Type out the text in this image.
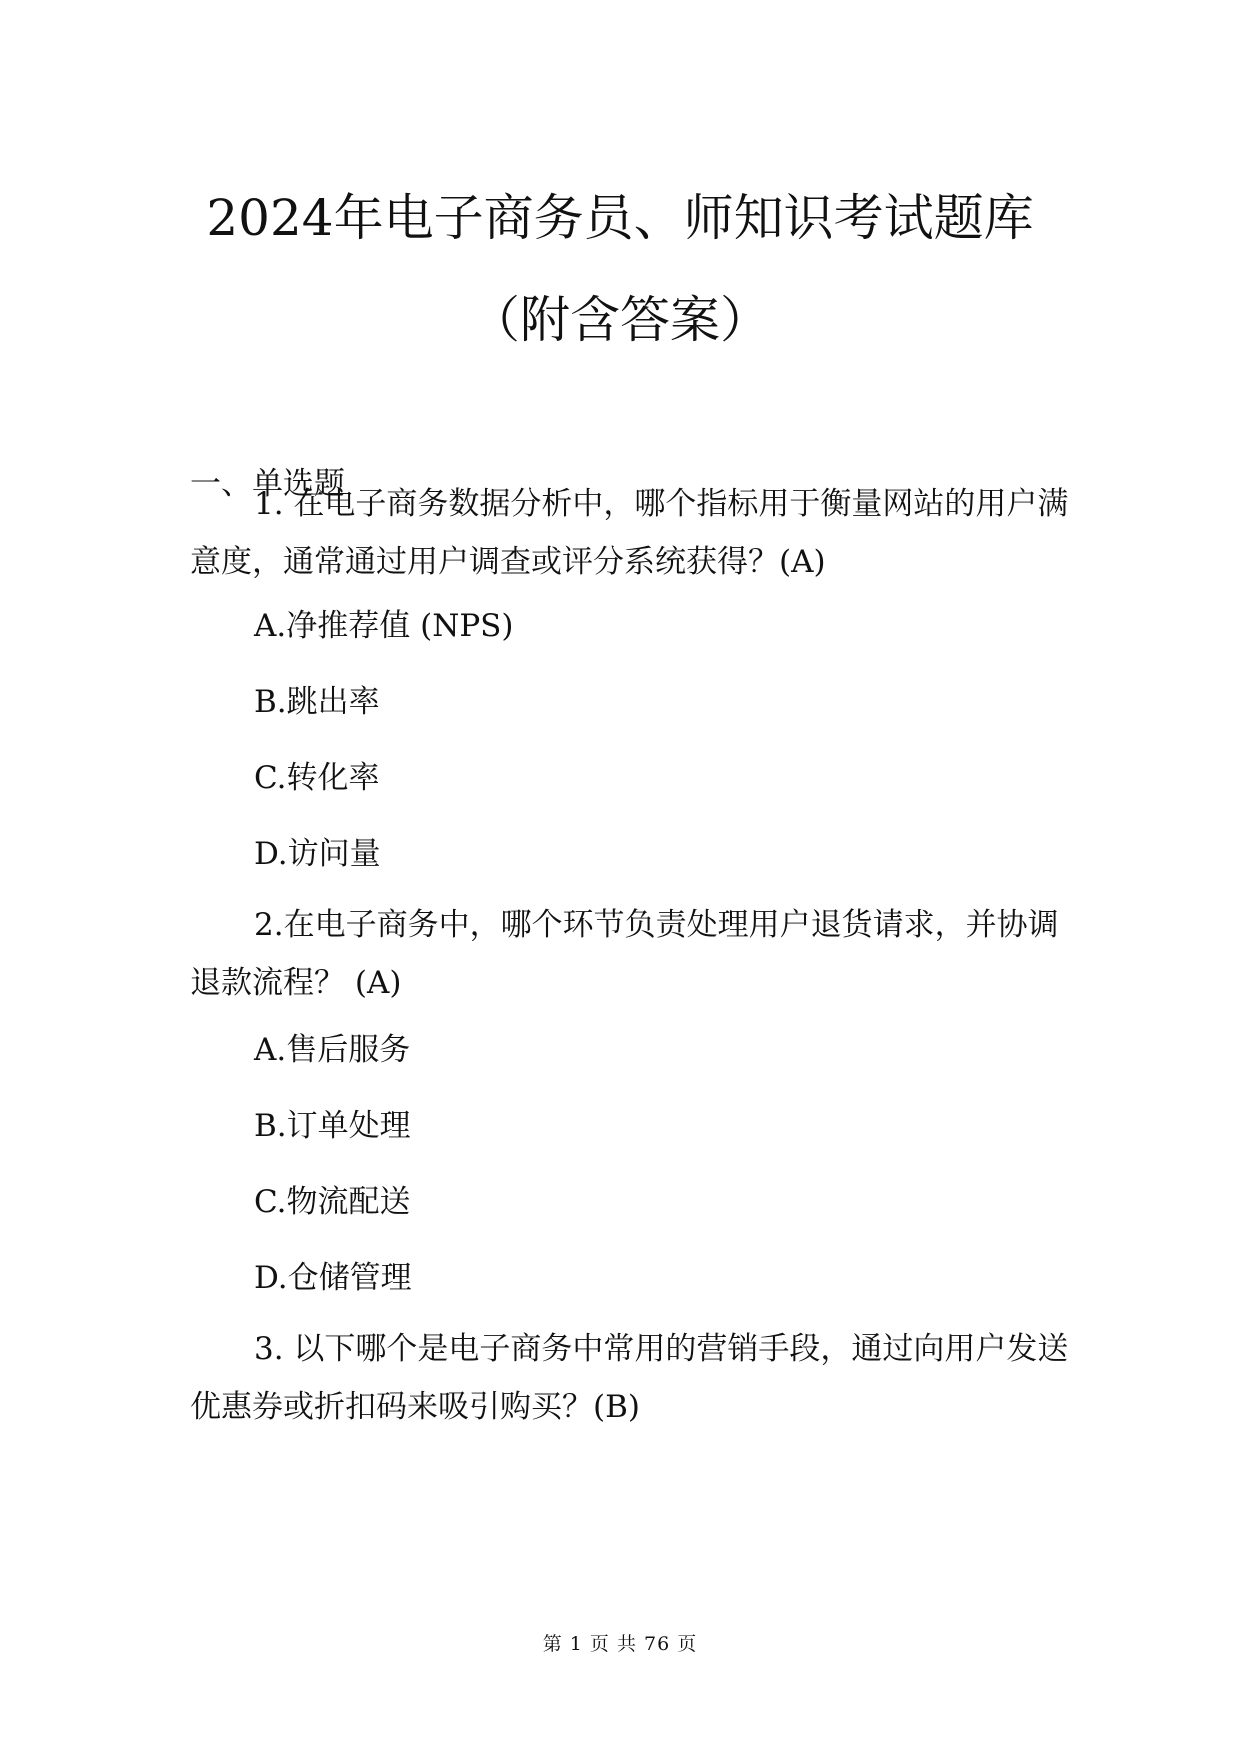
2024年电子商务员、师知识考试题库
（附含答案）
一、单选题
1. 在电子商务数据分析中，哪个指标用于衡量网站的用户满意度，通常通过用户调查或评分系统获得？(A)
A.净推荐值 (NPS)
B.跳出率
C.转化率
D.访问量
2.在电子商务中，哪个环节负责处理用户退货请求，并协调退款流程？ (A)
A.售后服务
B.订单处理
C.物流配送
D.仓储管理
3. 以下哪个是电子商务中常用的营销手段，通过向用户发送优惠券或折扣码来吸引购买？(B)
第 1 页 共 76 页
